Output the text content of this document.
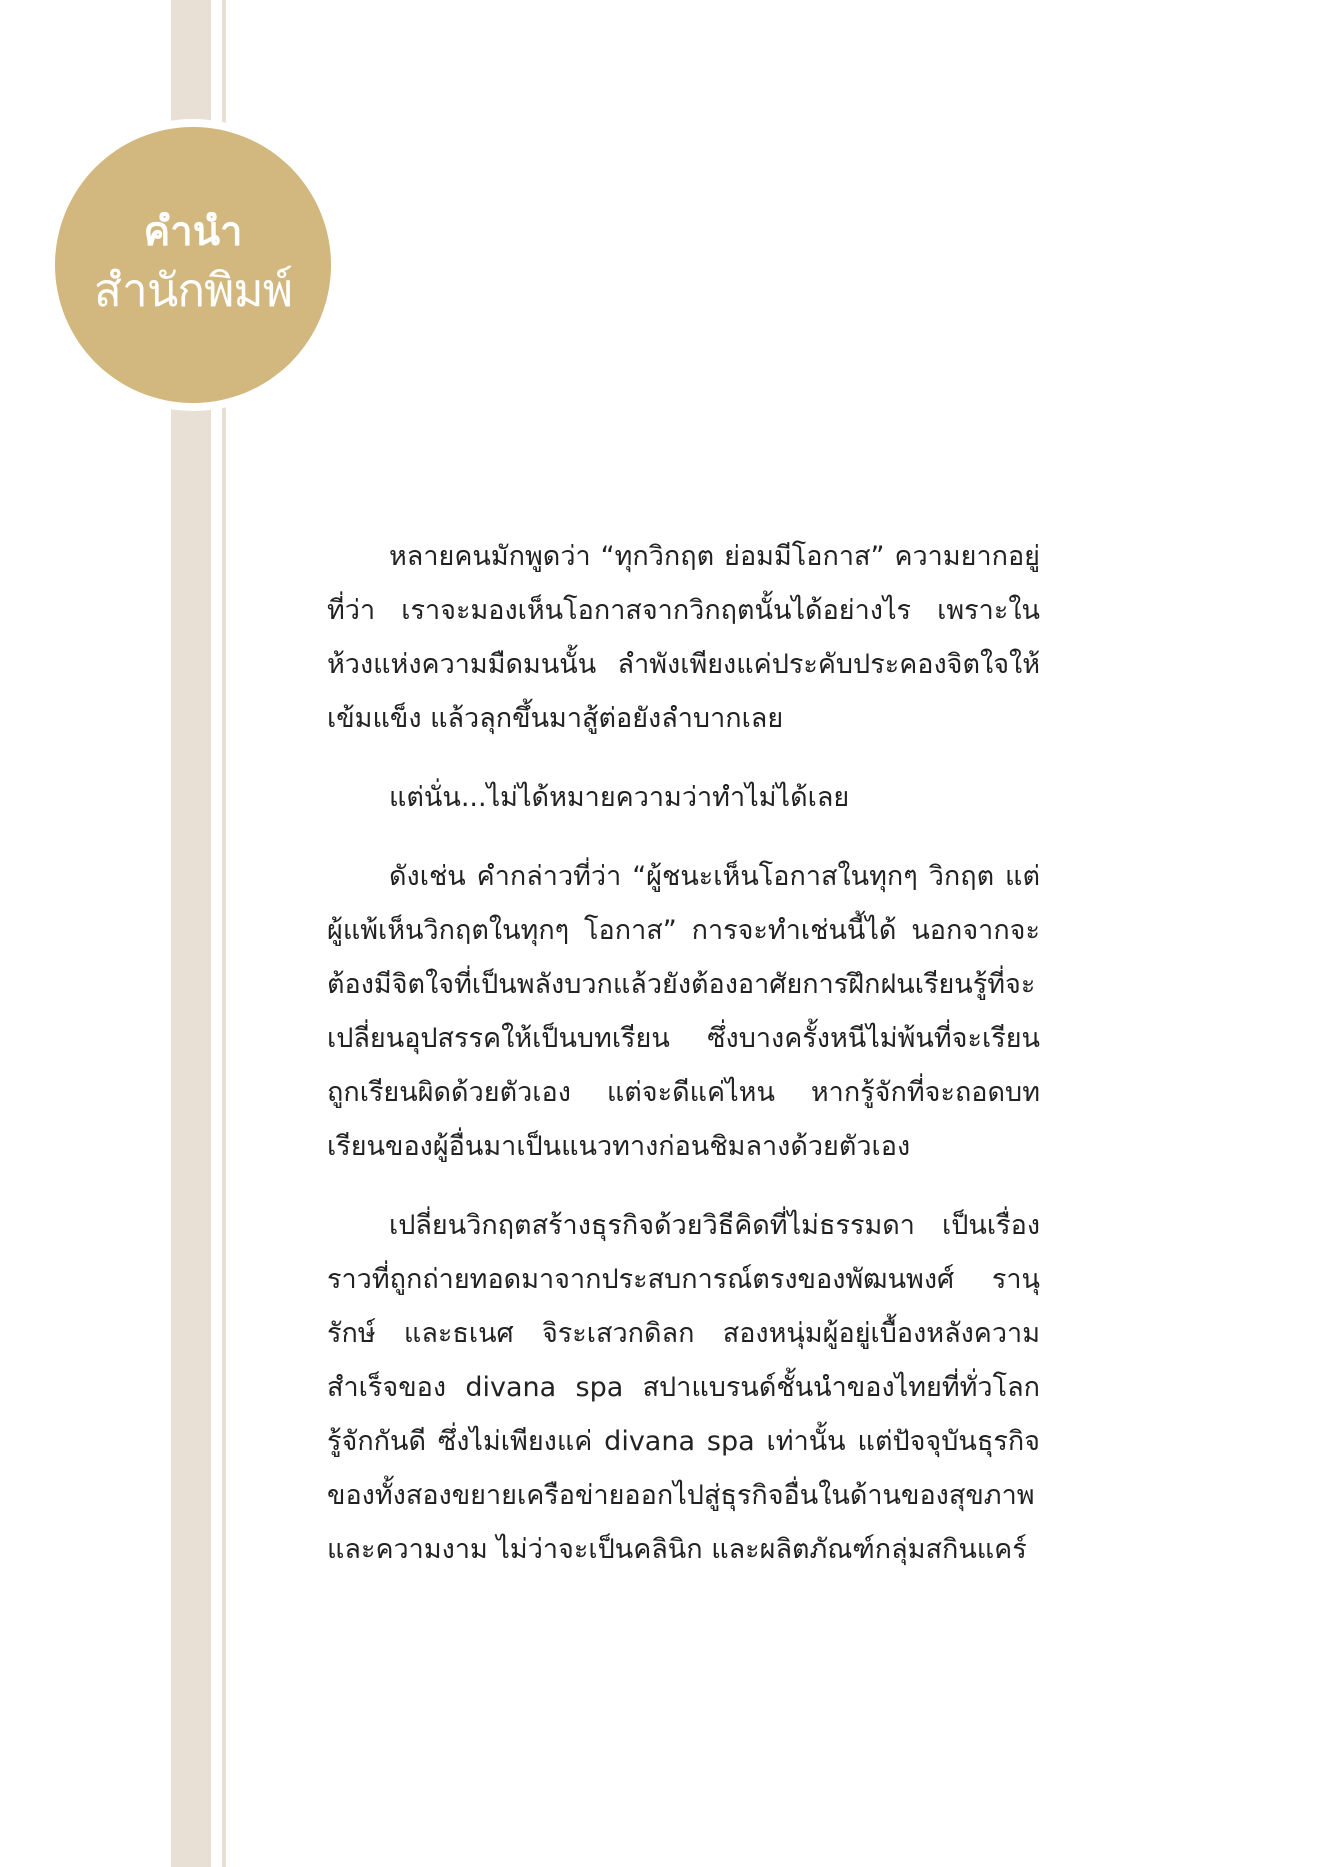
คำนำ
สำนักพิมพ์

หลายคนมักพูดว่า “ทุกวิกฤต ย่อมมีโอกาส” ความยากอยู่ที่ว่า เราจะมองเห็นโอกาสจากวิกฤตนั้นได้อย่างไร เพราะในห้วงแห่งความมืดมนนั้น ลำพังเพียงแค่ประคับประคองจิตใจให้เข้มแข็ง แล้วลุกขึ้นมาสู้ต่อยังลำบากเลย

แต่นั่น...ไม่ได้หมายความว่าทำไม่ได้เลย

ดังเช่น คำกล่าวที่ว่า “ผู้ชนะเห็นโอกาสในทุกๆ วิกฤต แต่ผู้แพ้เห็นวิกฤตในทุกๆ โอกาส” การจะทำเช่นนี้ได้ นอกจากจะต้องมีจิตใจที่เป็นพลังบวกแล้วยังต้องอาศัยการฝึกฝนเรียนรู้ที่จะเปลี่ยนอุปสรรคให้เป็นบทเรียน ซึ่งบางครั้งหนีไม่พ้นที่จะเรียนถูกเรียนผิดด้วยตัวเอง แต่จะดีแค่ไหน หากรู้จักที่จะถอดบทเรียนของผู้อื่นมาเป็นแนวทางก่อนชิมลางด้วยตัวเอง

เปลี่ยนวิกฤตสร้างธุรกิจด้วยวิธีคิดที่ไม่ธรรมดา เป็นเรื่องราวที่ถูกถ่ายทอดมาจากประสบการณ์ตรงของพัฒนพงศ์ รานุรักษ์ และธเนศ จิระเสวกดิลก สองหนุ่มผู้อยู่เบื้องหลังความสำเร็จของ divana spa สปาแบรนด์ชั้นนำของไทยที่ทั่วโลกรู้จักกันดี ซึ่งไม่เพียงแค่ divana spa เท่านั้น แต่ปัจจุบันธุรกิจของทั้งสองขยายเครือข่ายออกไปสู่ธุรกิจอื่นในด้านของสุขภาพ และความงาม ไม่ว่าจะเป็นคลินิก และผลิตภัณฑ์กลุ่มสกินแคร์
